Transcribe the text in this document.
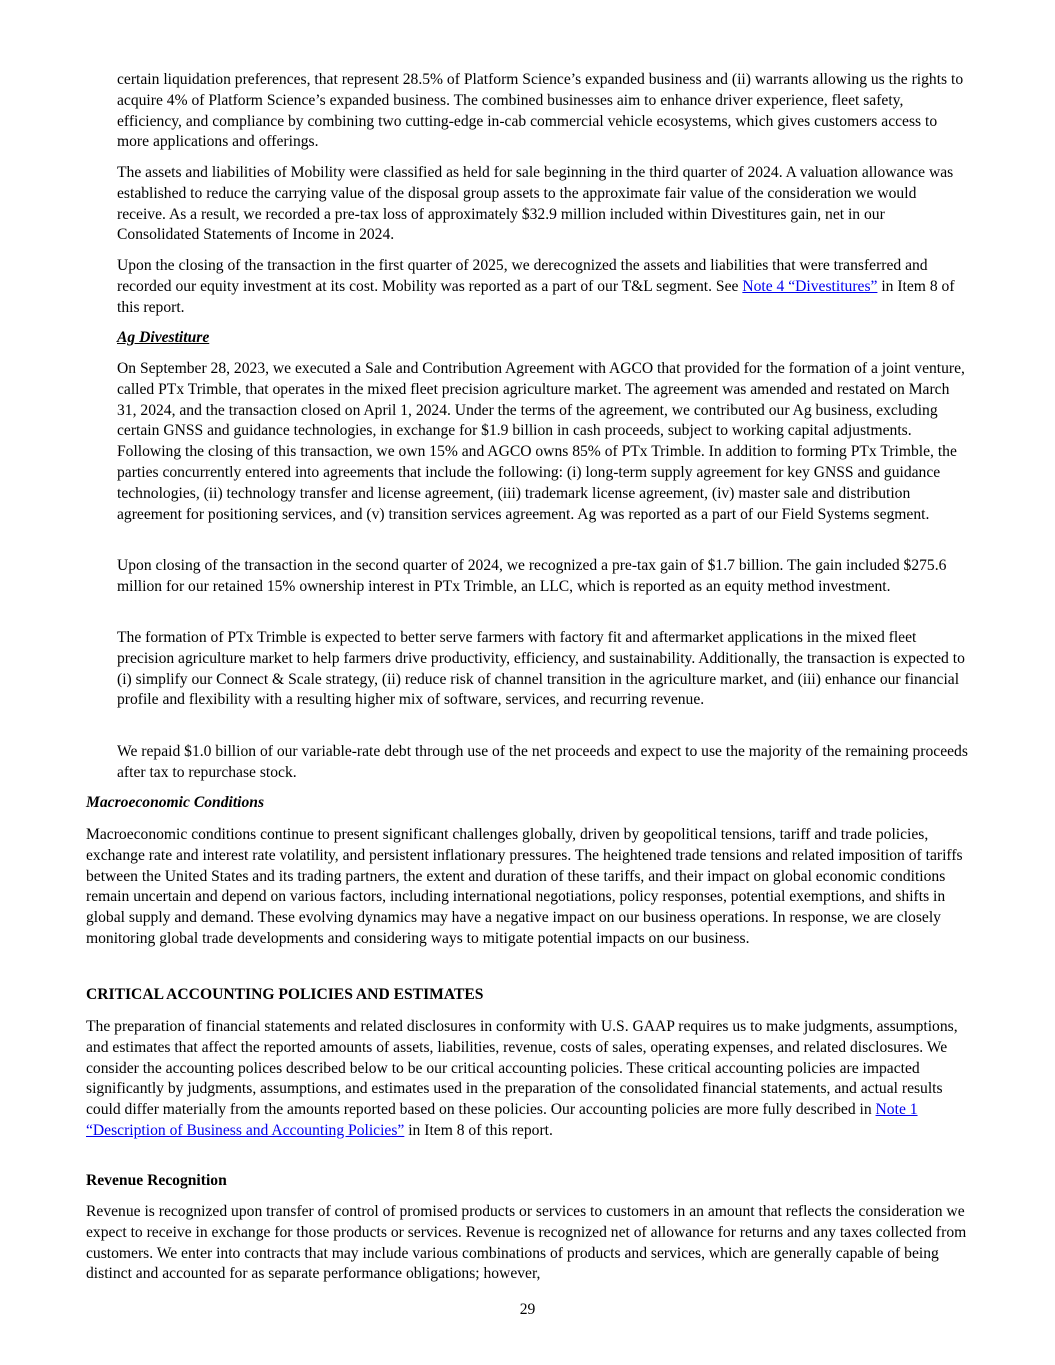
certain liquidation preferences, that represent 28.5% of Platform Science’s expanded business and (ii) warrants allowing us the rights to acquire 4% of Platform Science’s expanded business. The combined businesses aim to enhance driver experience, fleet safety, efficiency, and compliance by combining two cutting-edge in-cab commercial vehicle ecosystems, which gives customers access to more applications and offerings.

The assets and liabilities of Mobility were classified as held for sale beginning in the third quarter of 2024. A valuation allowance was established to reduce the carrying value of the disposal group assets to the approximate fair value of the consideration we would receive. As a result, we recorded a pre-tax loss of approximately $32.9 million included within Divestitures gain, net in our Consolidated Statements of Income in 2024.

Upon the closing of the transaction in the first quarter of 2025, we derecognized the assets and liabilities that were transferred and recorded our equity investment at its cost. Mobility was reported as a part of our T&L segment. See Note 4 “Divestitures” in Item 8 of this report.

Ag Divestiture

On September 28, 2023, we executed a Sale and Contribution Agreement with AGCO that provided for the formation of a joint venture, called PTx Trimble, that operates in the mixed fleet precision agriculture market. The agreement was amended and restated on March 31, 2024, and the transaction closed on April 1, 2024. Under the terms of the agreement, we contributed our Ag business, excluding certain GNSS and guidance technologies, in exchange for $1.9 billion in cash proceeds, subject to working capital adjustments. Following the closing of this transaction, we own 15% and AGCO owns 85% of PTx Trimble. In addition to forming PTx Trimble, the parties concurrently entered into agreements that include the following: (i) long-term supply agreement for key GNSS and guidance technologies, (ii) technology transfer and license agreement, (iii) trademark license agreement, (iv) master sale and distribution agreement for positioning services, and (v) transition services agreement. Ag was reported as a part of our Field Systems segment.

Upon closing of the transaction in the second quarter of 2024, we recognized a pre-tax gain of $1.7 billion. The gain included $275.6 million for our retained 15% ownership interest in PTx Trimble, an LLC, which is reported as an equity method investment.

The formation of PTx Trimble is expected to better serve farmers with factory fit and aftermarket applications in the mixed fleet precision agriculture market to help farmers drive productivity, efficiency, and sustainability. Additionally, the transaction is expected to (i) simplify our Connect & Scale strategy, (ii) reduce risk of channel transition in the agriculture market, and (iii) enhance our financial profile and flexibility with a resulting higher mix of software, services, and recurring revenue.

We repaid $1.0 billion of our variable-rate debt through use of the net proceeds and expect to use the majority of the remaining proceeds after tax to repurchase stock.

Macroeconomic Conditions

Macroeconomic conditions continue to present significant challenges globally, driven by geopolitical tensions, tariff and trade policies, exchange rate and interest rate volatility, and persistent inflationary pressures. The heightened trade tensions and related imposition of tariffs between the United States and its trading partners, the extent and duration of these tariffs, and their impact on global economic conditions remain uncertain and depend on various factors, including international negotiations, policy responses, potential exemptions, and shifts in global supply and demand. These evolving dynamics may have a negative impact on our business operations. In response, we are closely monitoring global trade developments and considering ways to mitigate potential impacts on our business.

CRITICAL ACCOUNTING POLICIES AND ESTIMATES

The preparation of financial statements and related disclosures in conformity with U.S. GAAP requires us to make judgments, assumptions, and estimates that affect the reported amounts of assets, liabilities, revenue, costs of sales, operating expenses, and related disclosures. We consider the accounting polices described below to be our critical accounting policies. These critical accounting policies are impacted significantly by judgments, assumptions, and estimates used in the preparation of the consolidated financial statements, and actual results could differ materially from the amounts reported based on these policies. Our accounting policies are more fully described in Note 1 “Description of Business and Accounting Policies” in Item 8 of this report.

Revenue Recognition

Revenue is recognized upon transfer of control of promised products or services to customers in an amount that reflects the consideration we expect to receive in exchange for those products or services. Revenue is recognized net of allowance for returns and any taxes collected from customers. We enter into contracts that may include various combinations of products and services, which are generally capable of being distinct and accounted for as separate performance obligations; however,

29
